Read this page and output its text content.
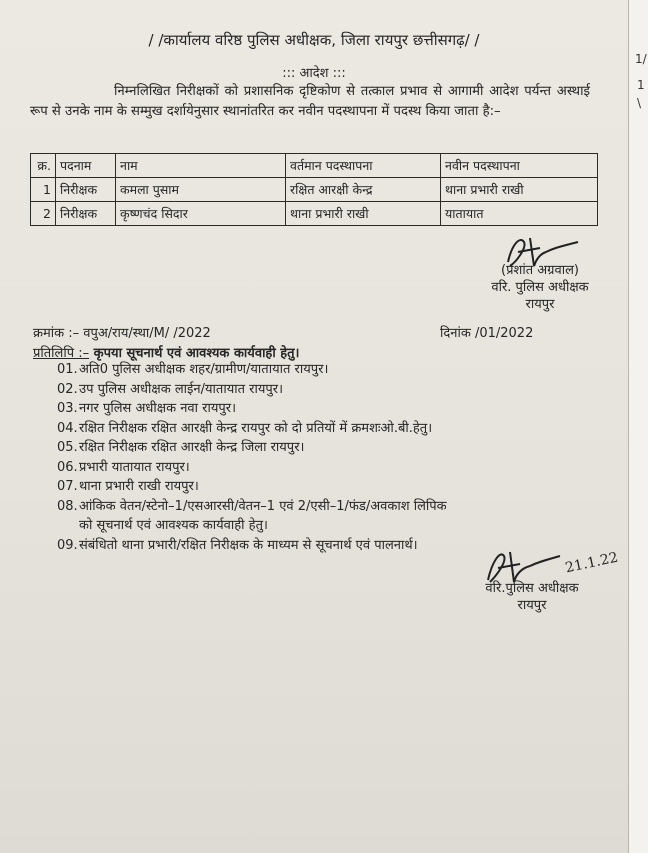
/ /कार्यालय वरिष्ठ पुलिस अधीक्षक, जिला रायपुर छत्तीसगढ़/ /
::: आदेश :::
निम्नलिखित निरीक्षकों को प्रशासनिक दृष्टिकोण से तत्काल प्रभाव से आगामी आदेश पर्यन्त अस्थाई रूप से उनके नाम के सम्मुख दर्शायेनुसार स्थानांतरित कर नवीन पदस्थापना में पदस्थ किया जाता है:–
क्र.	पदनाम	नाम	वर्तमान पदस्थापना	नवीन पदस्थापना
1	निरीक्षक	कमला पुसाम	रक्षित आरक्षी केन्द्र	थाना प्रभारी राखी
2	निरीक्षक	कृष्णचंद सिदार	थाना प्रभारी राखी	यातायात
(प्रशांत अग्रवाल)
वरि. पुलिस अधीक्षक
रायपुर
क्रमांक :– वपुअ/राय/स्था/M/ /2022	दिनांक /01/2022
प्रतिलिपि :– कृपया सूचनार्थ एवं आवश्यक कार्यवाही हेतु।
01.अति0 पुलिस अधीक्षक शहर/ग्रामीण/यातायात रायपुर।
02.उप पुलिस अधीक्षक लाईन/यातायात रायपुर।
03.नगर पुलिस अधीक्षक नवा रायपुर।
04.रक्षित निरीक्षक रक्षित आरक्षी केन्द्र रायपुर को दो प्रतियों में क्रमशःओ.बी.हेतु।
05.रक्षित निरीक्षक रक्षित आरक्षी केन्द्र जिला रायपुर।
06.प्रभारी यातायात रायपुर।
07.थाना प्रभारी राखी रायपुर।
08.आंकिक वेतन/स्टेनो–1/एसआरसी/वेतन–1 एवं 2/एसी–1/फंड/अवकाश लिपिक
को सूचनार्थ एवं आवश्यक कार्यवाही हेतु।
09.संबंधितो थाना प्रभारी/रक्षित निरीक्षक के माध्यम से सूचनार्थ एवं पालनार्थ।
21.1.22
वरि.पुलिस अधीक्षक
रायपुर
1/
1
\
